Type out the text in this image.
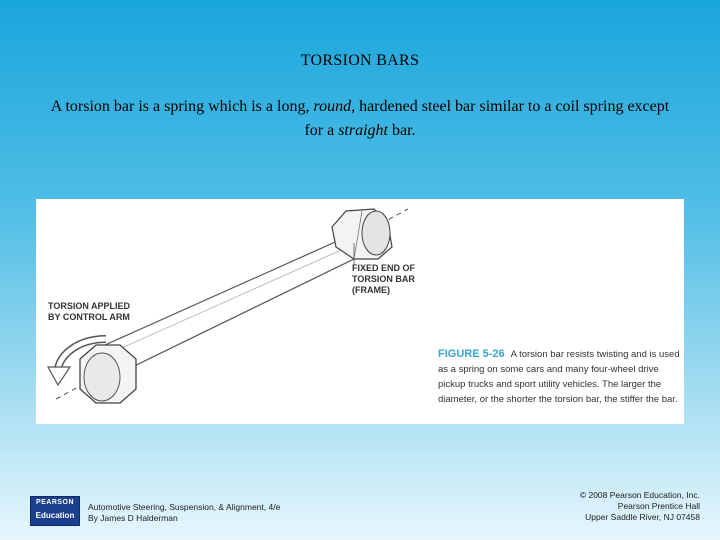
TORSION BARS
A torsion bar is a spring which is a long, round, hardened steel bar similar to a coil spring except for a straight bar.
TORSION APPLIED
BY CONTROL ARM
FIXED END OF
TORSION BAR
(FRAME)
FIGURE 5-26 A torsion bar resists twisting and is used as a spring on some cars and many four-wheel drive pickup trucks and sport utility vehicles. The larger the diameter, or the shorter the torsion bar, the stiffer the bar.
PEARSON
Education
Automotive Steering, Suspension, & Alignment, 4/e
By James D Halderman
© 2008 Pearson Education, Inc.
Pearson Prentice Hall
Upper Saddle River, NJ 07458
